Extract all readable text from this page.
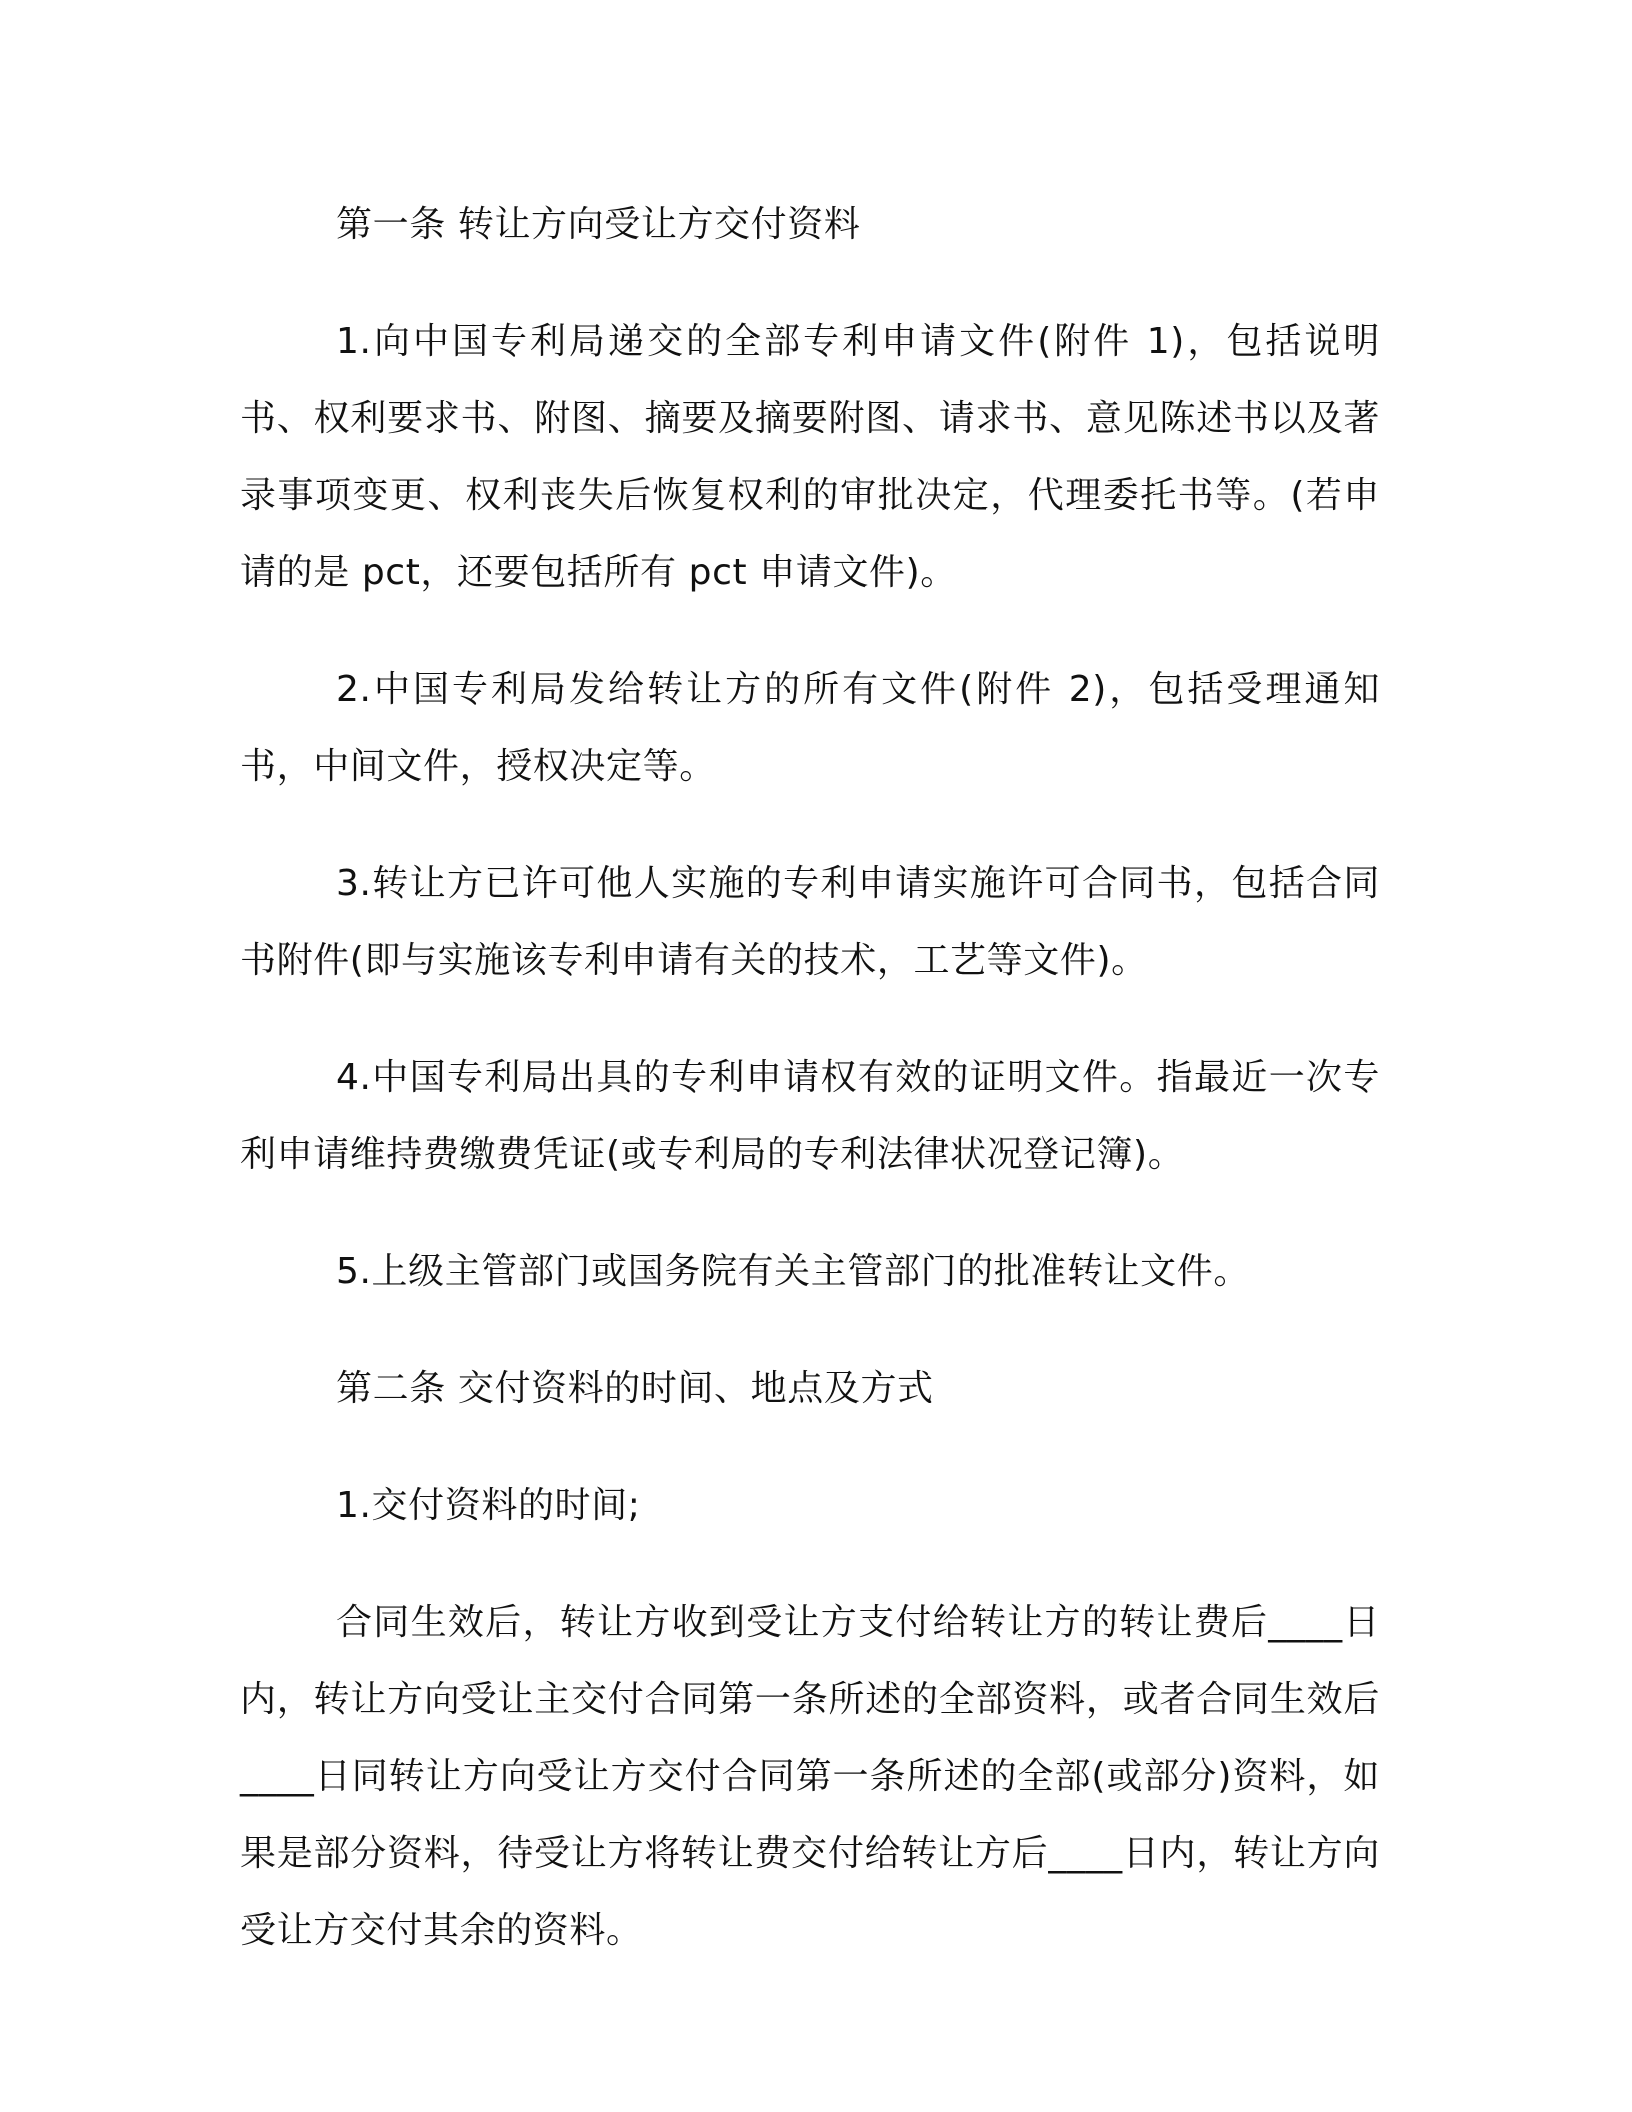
第一条 转让方向受让方交付资料

1.向中国专利局递交的全部专利申请文件(附件 1)，包括说明书、权利要求书、附图、摘要及摘要附图、请求书、意见陈述书以及著录事项变更、权利丧失后恢复权利的审批决定，代理委托书等。(若申请的是 pct，还要包括所有 pct 申请文件)。

2.中国专利局发给转让方的所有文件(附件 2)，包括受理通知书，中间文件，授权决定等。

3.转让方已许可他人实施的专利申请实施许可合同书，包括合同书附件(即与实施该专利申请有关的技术，工艺等文件)。

4.中国专利局出具的专利申请权有效的证明文件。指最近一次专利申请维持费缴费凭证(或专利局的专利法律状况登记簿)。

5.上级主管部门或国务院有关主管部门的批准转让文件。

第二条 交付资料的时间、地点及方式

1.交付资料的时间;

合同生效后，转让方收到受让方支付给转让方的转让费后____日内，转让方向受让主交付合同第一条所述的全部资料，或者合同生效后____日同转让方向受让方交付合同第一条所述的全部(或部分)资料，如果是部分资料，待受让方将转让费交付给转让方后____日内，转让方向受让方交付其余的资料。
